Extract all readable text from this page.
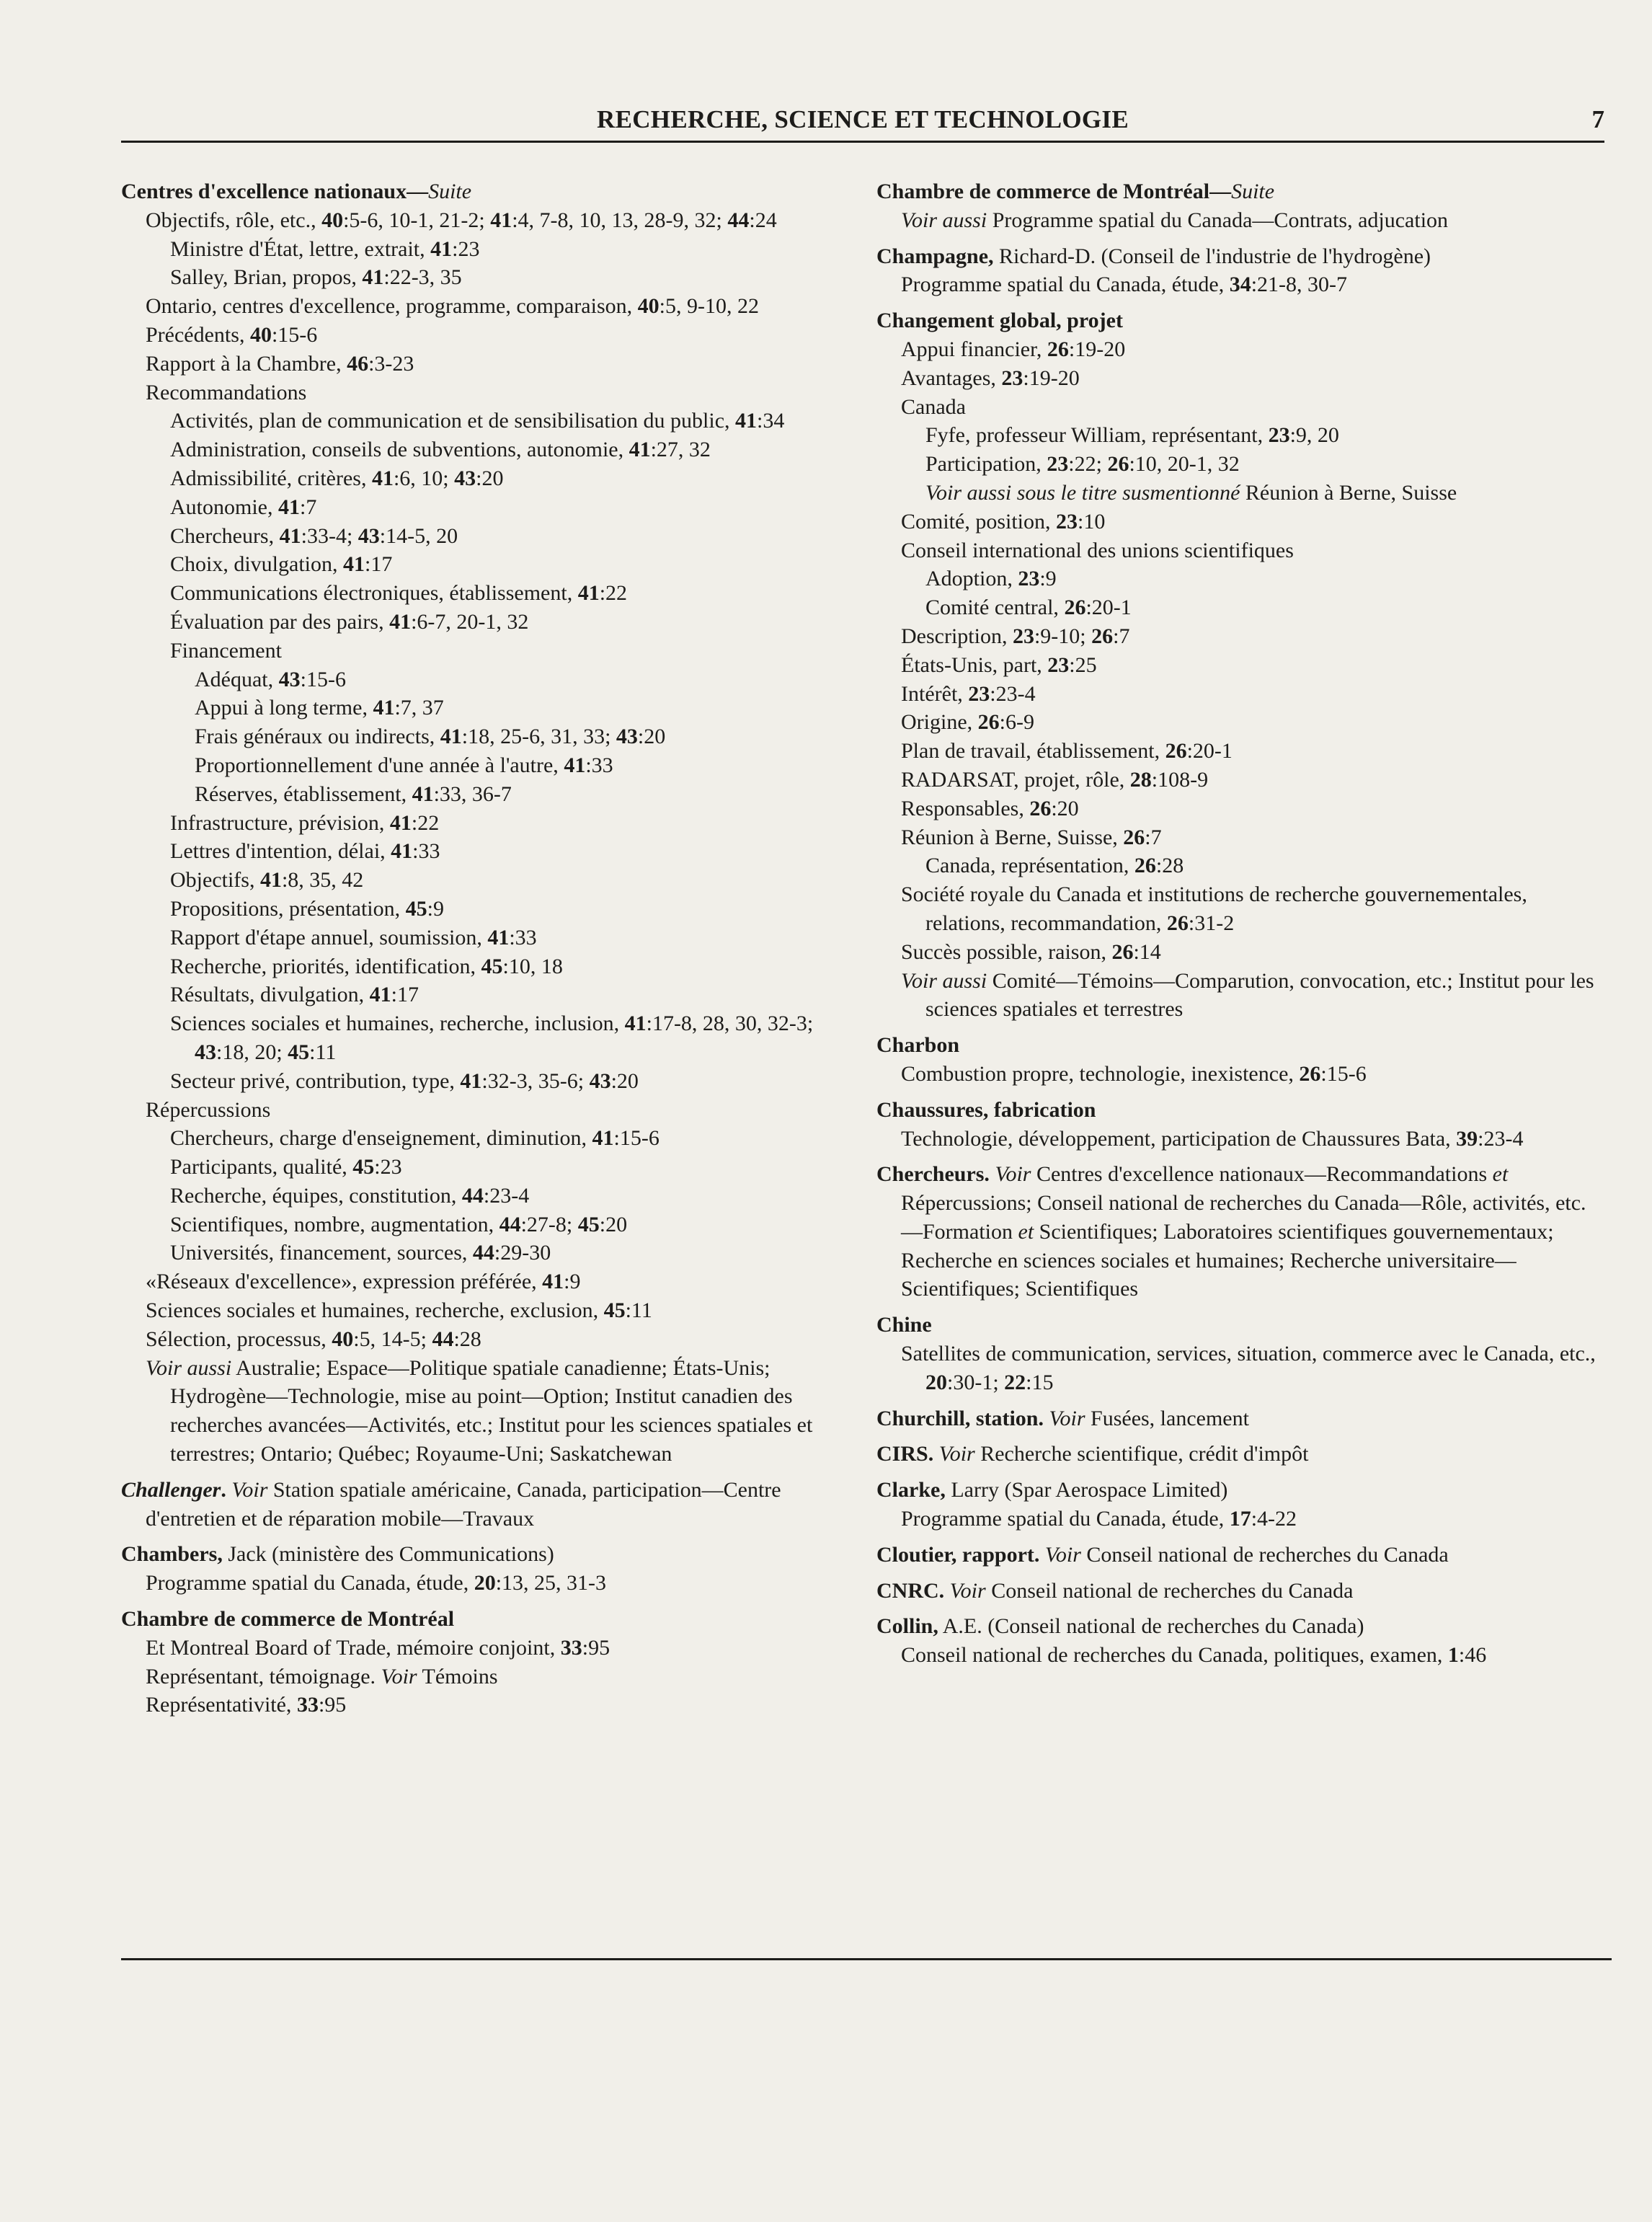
RECHERCHE, SCIENCE ET TECHNOLOGIE	7
Centres d'excellence nationaux—Suite
Objectifs, rôle, etc., 40:5-6, 10-1, 21-2; 41:4, 7-8, 10, 13, 28-9, 32; 44:24
Ministre d'État, lettre, extrait, 41:23
Salley, Brian, propos, 41:22-3, 35
Ontario, centres d'excellence, programme, comparaison, 40:5, 9-10, 22
Précédents, 40:15-6
Rapport à la Chambre, 46:3-23
Recommandations
Activités, plan de communication et de sensibilisation du public, 41:34
Administration, conseils de subventions, autonomie, 41:27, 32
Admissibilité, critères, 41:6, 10; 43:20
Autonomie, 41:7
Chercheurs, 41:33-4; 43:14-5, 20
Choix, divulgation, 41:17
Communications électroniques, établissement, 41:22
Évaluation par des pairs, 41:6-7, 20-1, 32
Financement
Adéquat, 43:15-6
Appui à long terme, 41:7, 37
Frais généraux ou indirects, 41:18, 25-6, 31, 33; 43:20
Proportionnellement d'une année à l'autre, 41:33
Réserves, établissement, 41:33, 36-7
Infrastructure, prévision, 41:22
Lettres d'intention, délai, 41:33
Objectifs, 41:8, 35, 42
Propositions, présentation, 45:9
Rapport d'étape annuel, soumission, 41:33
Recherche, priorités, identification, 45:10, 18
Résultats, divulgation, 41:17
Sciences sociales et humaines, recherche, inclusion, 41:17-8, 28, 30, 32-3; 43:18, 20; 45:11
Secteur privé, contribution, type, 41:32-3, 35-6; 43:20
Répercussions
Chercheurs, charge d'enseignement, diminution, 41:15-6
Participants, qualité, 45:23
Recherche, équipes, constitution, 44:23-4
Scientifiques, nombre, augmentation, 44:27-8; 45:20
Universités, financement, sources, 44:29-30
«Réseaux d'excellence», expression préférée, 41:9
Sciences sociales et humaines, recherche, exclusion, 45:11
Sélection, processus, 40:5, 14-5; 44:28
Voir aussi Australie; Espace—Politique spatiale canadienne; États-Unis; Hydrogène—Technologie, mise au point—Option; Institut canadien des recherches avancées—Activités, etc.; Institut pour les sciences spatiales et terrestres; Ontario; Québec; Royaume-Uni; Saskatchewan
Challenger. Voir Station spatiale américaine, Canada, participation—Centre d'entretien et de réparation mobile—Travaux
Chambers, Jack (ministère des Communications)
Programme spatial du Canada, étude, 20:13, 25, 31-3
Chambre de commerce de Montréal
Et Montreal Board of Trade, mémoire conjoint, 33:95
Représentant, témoignage. Voir Témoins
Représentativité, 33:95
Chambre de commerce de Montréal—Suite
Voir aussi Programme spatial du Canada—Contrats, adjucation
Champagne, Richard-D. (Conseil de l'industrie de l'hydrogène)
Programme spatial du Canada, étude, 34:21-8, 30-7
Changement global, projet
Appui financier, 26:19-20
Avantages, 23:19-20
Canada
Fyfe, professeur William, représentant, 23:9, 20
Participation, 23:22; 26:10, 20-1, 32
Voir aussi sous le titre susmentionné Réunion à Berne, Suisse
Comité, position, 23:10
Conseil international des unions scientifiques
Adoption, 23:9
Comité central, 26:20-1
Description, 23:9-10; 26:7
États-Unis, part, 23:25
Intérêt, 23:23-4
Origine, 26:6-9
Plan de travail, établissement, 26:20-1
RADARSAT, projet, rôle, 28:108-9
Responsables, 26:20
Réunion à Berne, Suisse, 26:7
Canada, représentation, 26:28
Société royale du Canada et institutions de recherche gouvernementales, relations, recommandation, 26:31-2
Succès possible, raison, 26:14
Voir aussi Comité—Témoins—Comparution, convocation, etc.; Institut pour les sciences spatiales et terrestres
Charbon
Combustion propre, technologie, inexistence, 26:15-6
Chaussures, fabrication
Technologie, développement, participation de Chaussures Bata, 39:23-4
Chercheurs. Voir Centres d'excellence nationaux—Recommandations et Répercussions; Conseil national de recherches du Canada—Rôle, activités, etc.—Formation et Scientifiques; Laboratoires scientifiques gouvernementaux; Recherche en sciences sociales et humaines; Recherche universitaire—Scientifiques; Scientifiques
Chine
Satellites de communication, services, situation, commerce avec le Canada, etc., 20:30-1; 22:15
Churchill, station. Voir Fusées, lancement
CIRS. Voir Recherche scientifique, crédit d'impôt
Clarke, Larry (Spar Aerospace Limited)
Programme spatial du Canada, étude, 17:4-22
Cloutier, rapport. Voir Conseil national de recherches du Canada
CNRC. Voir Conseil national de recherches du Canada
Collin, A.E. (Conseil national de recherches du Canada)
Conseil national de recherches du Canada, politiques, examen, 1:46
